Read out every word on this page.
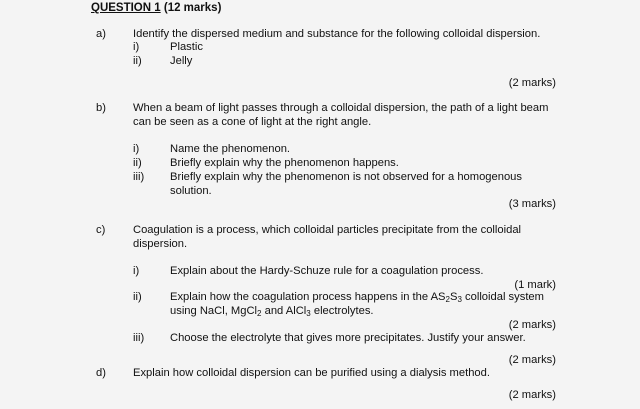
QUESTION 1 (12 marks)
a) Identify the dispersed medium and substance for the following colloidal dispersion.
i)	Plastic
ii)	Jelly
(2 marks)
b) When a beam of light passes through a colloidal dispersion, the path of a light beam
can be seen as a cone of light at the right angle.
i)	Name the phenomenon.
ii)	Briefly explain why the phenomenon happens.
iii) Briefly explain why the phenomenon is not observed for a homogenous
solution.
(3 marks)
c) Coagulation is a process, which colloidal particles precipitate from the colloidal
dispersion.
i)	Explain about the Hardy-Schuze rule for a coagulation process.
(1 mark)
ii)	Explain how the coagulation process happens in the $AS_2S_3$ colloidal system
using NaCl, MgCl$_2$ and AlCl$_3$ electrolytes.
(2 marks)
iii) Choose the electrolyte that gives more precipitates. Justify your answer.
(2 marks)
d) Explain how colloidal dispersion can be purified using a dialysis method.
(2 marks)
